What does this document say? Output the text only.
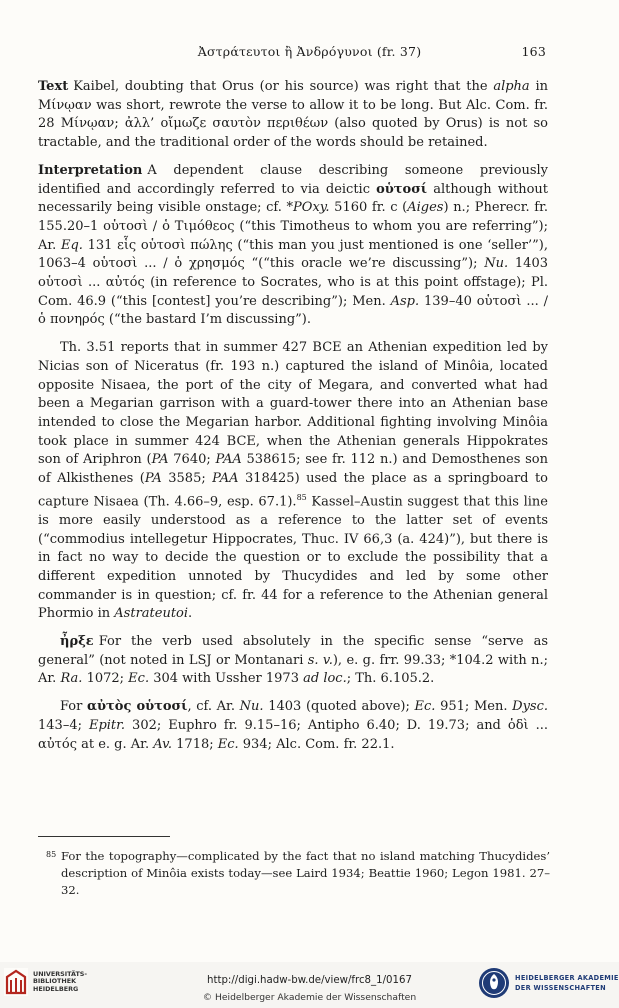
Ἀστράτευτοι ἢ Ἀνδρόγυνοι (fr. 37)	163

Text Kaibel, doubting that Orus (or his source) was right that the alpha in Μίνῳαν was short, rewrote the verse to allow it to be long. But Alc. Com. fr. 28 Μίνῳαν; ἀλλ’ οἴμωζε σαυτὸν περιθέων (also quoted by Orus) is not so tractable, and the traditional order of the words should be retained.

Interpretation A dependent clause describing someone previously identified and accordingly referred to via deictic οὑτοσί although without necessarily being visible onstage; cf. *POxy. 5160 fr. c (Aiges) n.; Pherecr. fr. 155.20–1 οὑτοσὶ / ὁ Τιμόθεος (“this Timotheus to whom you are referring”); Ar. Eq. 131 εἷς οὑτοσὶ πώλης (“this man you just mentioned is one ‘seller’”), 1063–4 οὑτοσὶ ... / ὁ χρησμός “(“this oracle we’re discussing”); Nu. 1403 οὑτοσὶ ... αὐτός (in reference to Socrates, who is at this point offstage); Pl. Com. 46.9 (“this [contest] you’re describing”); Men. Asp. 139–40 οὑτοσὶ ... / ὁ πονηρός (“the bastard I’m discussing”).

Th. 3.51 reports that in summer 427 BCE an Athenian expedition led by Nicias son of Niceratus (fr. 193 n.) captured the island of Minôia, located opposite Nisaea, the port of the city of Megara, and converted what had been a Megarian garrison with a guard-tower there into an Athenian base intended to close the Megarian harbor. Additional fighting involving Minôia took place in summer 424 BCE, when the Athenian generals Hippokrates son of Ariphron (PA 7640; PAA 538615; see fr. 112 n.) and Demosthenes son of Alkisthenes (PA 3585; PAA 318425) used the place as a springboard to capture Nisaea (Th. 4.66–9, esp. 67.1).$^{85}$ Kassel–Austin suggest that this line is more easily understood as a reference to the latter set of events (“commodius intellegetur Hippocrates, Thuc. IV 66,3 (a. 424)”), but there is in fact no way to decide the question or to exclude the possibility that a different expedition unnoted by Thucydides and led by some other commander is in question; cf. fr. 44 for a reference to the Athenian general Phormio in Astrateutoi.

ἦρξε For the verb used absolutely in the specific sense “serve as general” (not noted in LSJ or Montanari s. v.), e. g. frr. 99.33; *104.2 with n.; Ar. Ra. 1072; Ec. 304 with Ussher 1973 ad loc.; Th. 6.105.2.

For αὐτὸς οὑτοσί, cf. Ar. Nu. 1403 (quoted above); Ec. 951; Men. Dysc. 143–4; Epitr. 302; Euphro fr. 9.15–16; Antipho 6.40; D. 19.73; and ὁδὶ ... αὐτός at e. g. Ar. Av. 1718; Ec. 934; Alc. Com. fr. 22.1.

85 For the topography—complicated by the fact that no island matching Thucydides’ description of Minôia exists today—see Laird 1934; Beattie 1960; Legon 1981. 27–32.
UNIVERSITÄTS-
BIBLIOTHEK
HEIDELBERG
http://digi.hadw-bw.de/view/frc8_1/0167
© Heidelberger Akademie der Wissenschaften
HEIDELBERGER AKADEMIE
DER WISSENSCHAFTEN
